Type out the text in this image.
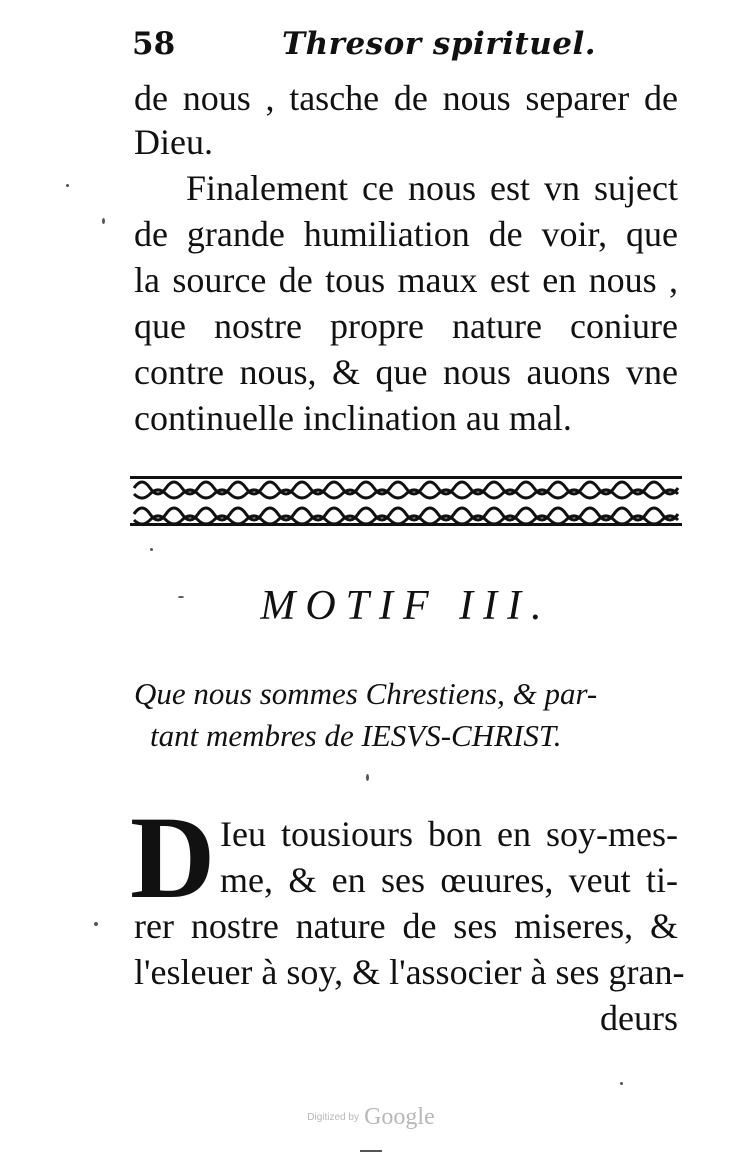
58	Thresor spirituel.
de nous , tasche de nous separer de
Dieu.
Finalement ce nous est vn suject
de grande humiliation de voir, que
la source de tous maux est en nous ,
que nostre propre nature coniure
contre nous, & que nous auons vne
continuelle inclination au mal.
MOTIF III.
Que nous sommes Chrestiens, & par-
tant membres de IESVS-CHRIST.
D Ieu tousiours bon en soy-mes-
me, & en ses œuures, veut ti-
rer nostre nature de ses miseres, &
l'esleuer à soy, & l'associer à ses gran-
deurs
Digitized by Google
